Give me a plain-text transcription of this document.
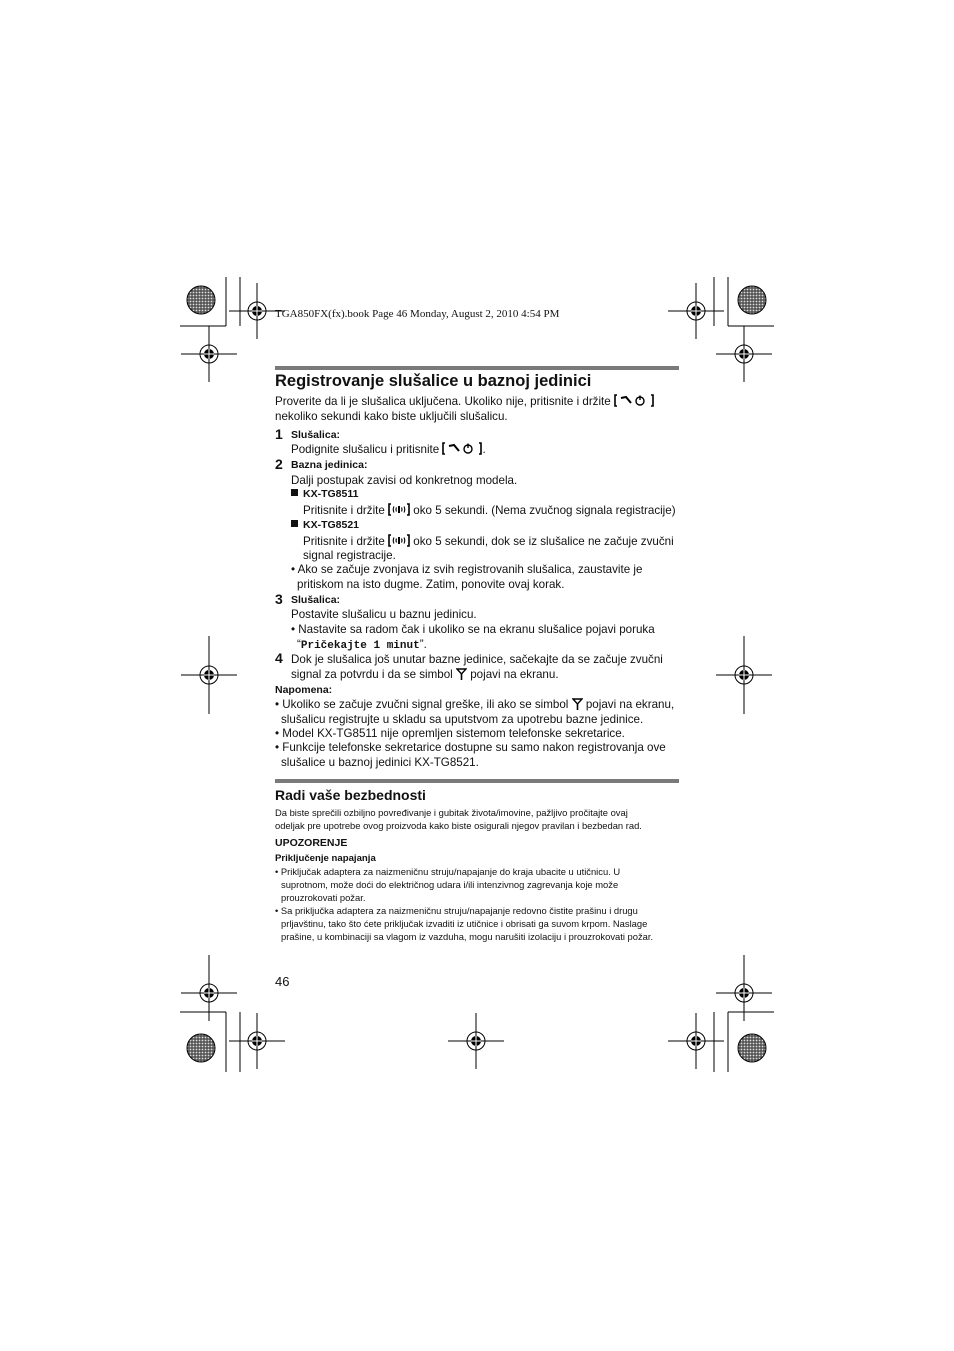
TGA850FX(fx).book Page 46 Monday, August 2, 2010 4:54 PM
Registrovanje slušalice u baznoj jedinici
Proverite da li je slušalica uključena. Ukoliko nije, pritisnite i držite
nekoliko sekundi kako biste uključili slušalicu.
1 Slušalica:
Podignite slušalicu i pritisnite	.
2 Bazna jedinica:
Dalji postupak zavisi od konkretnog modela.
KX-TG8511
Pritisnite i držite oko 5 sekundi. (Nema zvučnog signala registracije)
KX-TG8521
Pritisnite i držite oko 5 sekundi, dok se iz slušalice ne začuje zvučni
signal registracije.
• Ako se začuje zvonjava iz svih registrovanih slušalica, zaustavite je
pritiskom na isto dugme. Zatim, ponovite ovaj korak.
3 Slušalica:
Postavite slušalicu u baznu jedinicu.
• Nastavite sa radom čak i ukoliko se na ekranu slušalice pojavi poruka
“Pričekajte 1 minut”.
4 Dok je slušalica još unutar bazne jedinice, sačekajte da se začuje zvučni
signal za potvrdu i da se simbol pojavi na ekranu.
Napomena:
• Ukoliko se začuje zvučni signal greške, ili ako se simbol pojavi na ekranu,
slušalicu registrujte u skladu sa uputstvom za upotrebu bazne jedinice.
• Model KX-TG8511 nije opremljen sistemom telefonske sekretarice.
• Funkcije telefonske sekretarice dostupne su samo nakon registrovanja ove
slušalice u baznoj jedinici KX-TG8521.
Radi vaše bezbednosti
Da biste sprečili ozbiljno povređivanje i gubitak života/imovine, pažljivo pročitajte ovaj
odeljak pre upotrebe ovog proizvoda kako biste osigurali njegov pravilan i bezbedan rad.
UPOZORENJE
Priključenje napajanja
• Priključak adaptera za naizmeničnu struju/napajanje do kraja ubacite u utičnicu. U
suprotnom, može doći do električnog udara i/ili intenzivnog zagrevanja koje može
prouzrokovati požar.
• Sa priključka adaptera za naizmeničnu struju/napajanje redovno čistite prašinu i drugu
prljavštinu, tako što ćete priključak izvaditi iz utičnice i obrisati ga suvom krpom. Naslage
prašine, u kombinaciji sa vlagom iz vazduha, mogu narušiti izolaciju i prouzrokovati požar.
46
